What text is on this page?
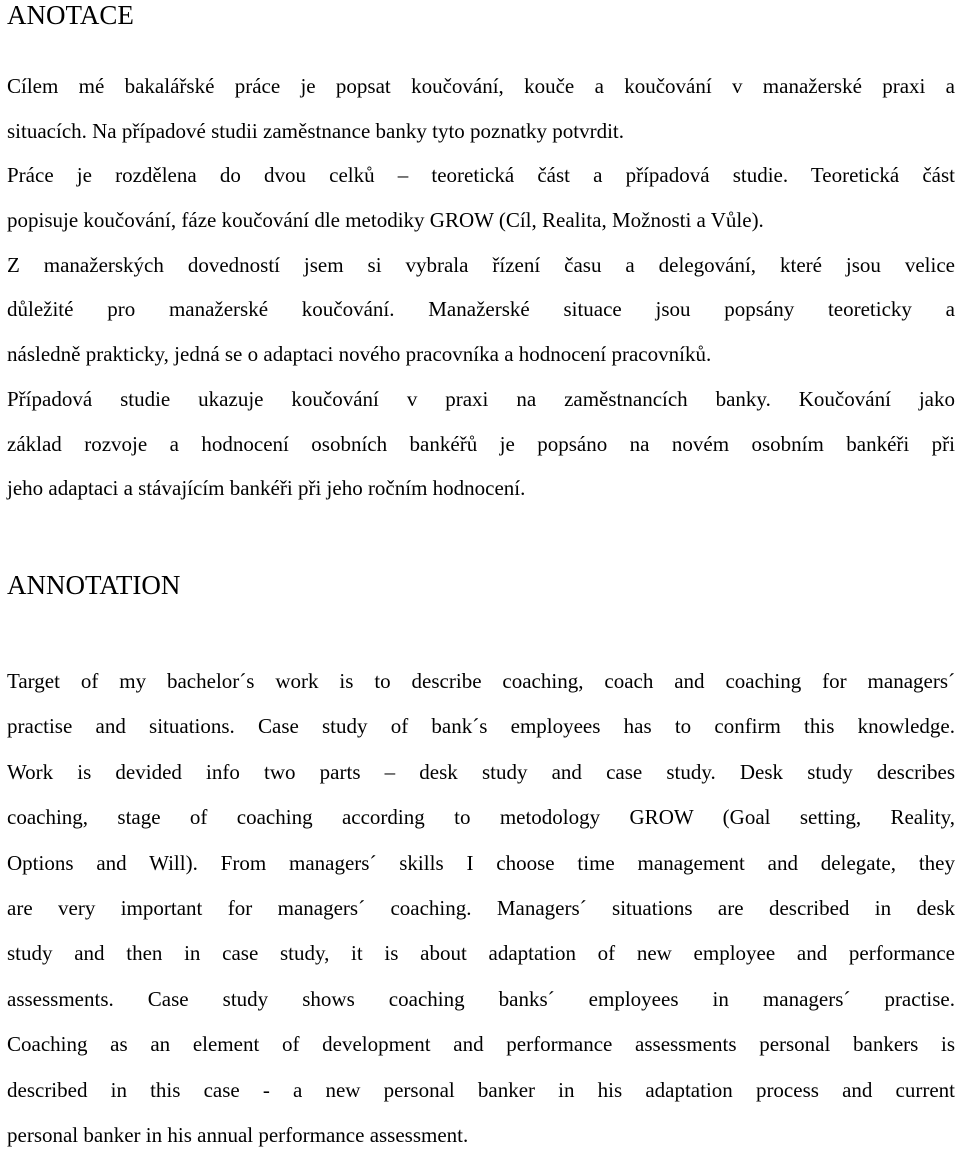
ANOTACE
Cílem mé bakalářské práce je popsat koučování, kouče a koučování v manažerské praxi a
situacích. Na případové studii zaměstnance banky tyto poznatky potvrdit.
Práce je rozdělena do dvou celků – teoretická část a případová studie. Teoretická část
popisuje koučování, fáze koučování dle metodiky GROW (Cíl, Realita, Možnosti a Vůle).
Z manažerských dovedností jsem si vybrala řízení času a delegování, které jsou velice
důležité pro manažerské koučování. Manažerské situace jsou popsány teoreticky a
následně prakticky, jedná se o adaptaci nového pracovníka a hodnocení pracovníků.
Případová studie ukazuje koučování v praxi na zaměstnancích banky. Koučování jako
základ rozvoje a hodnocení osobních bankéřů je popsáno na novém osobním bankéři při
jeho adaptaci a stávajícím bankéři při jeho ročním hodnocení.
ANNOTATION
Target of my bachelor´s work is to describe coaching, coach and coaching for managers´
practise and situations. Case study of bank´s employees has to confirm this knowledge.
Work is devided info two parts – desk study and case study. Desk study describes
coaching, stage of coaching according to metodology GROW (Goal setting, Reality,
Options and Will). From managers´ skills I choose time management and delegate, they
are very important for managers´ coaching. Managers´ situations are described in desk
study and then in case study, it is about adaptation of new employee and performance
assessments. Case study shows coaching banks´ employees in managers´ practise.
Coaching as an element of development and performance assessments personal bankers is
described in this case - a new personal banker in his adaptation process and current
personal banker in his annual performance assessment.
